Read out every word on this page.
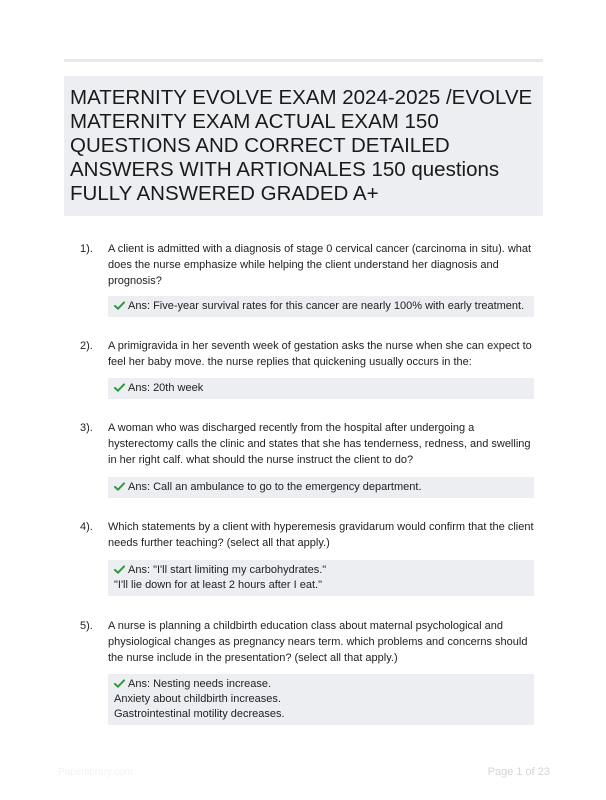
MATERNITY EVOLVE EXAM 2024-2025 /EVOLVE MATERNITY EXAM ACTUAL EXAM 150 QUESTIONS AND CORRECT DETAILED ANSWERS WITH ARTIONALES 150 questions FULLY ANSWERED GRADED A+
1). A client is admitted with a diagnosis of stage 0 cervical cancer (carcinoma in situ). what does the nurse emphasize while helping the client understand her diagnosis and prognosis?
Ans: Five-year survival rates for this cancer are nearly 100% with early treatment.
2). A primigravida in her seventh week of gestation asks the nurse when she can expect to feel her baby move. the nurse replies that quickening usually occurs in the:
Ans: 20th week
3). A woman who was discharged recently from the hospital after undergoing a hysterectomy calls the clinic and states that she has tenderness, redness, and swelling in her right calf. what should the nurse instruct the client to do?
Ans: Call an ambulance to go to the emergency department.
4). Which statements by a client with hyperemesis gravidarum would confirm that the client needs further teaching? (select all that apply.)
Ans: "I'll start limiting my carbohydrates."
"I'll lie down for at least 2 hours after I eat."
5). A nurse is planning a childbirth education class about maternal psychological and physiological changes as pregnancy nears term. which problems and concerns should the nurse include in the presentation? (select all that apply.)
Ans: Nesting needs increase.
Anxiety about childbirth increases.
Gastrointestinal motility decreases.
Paperlibrary.com	Page 1 of 23
